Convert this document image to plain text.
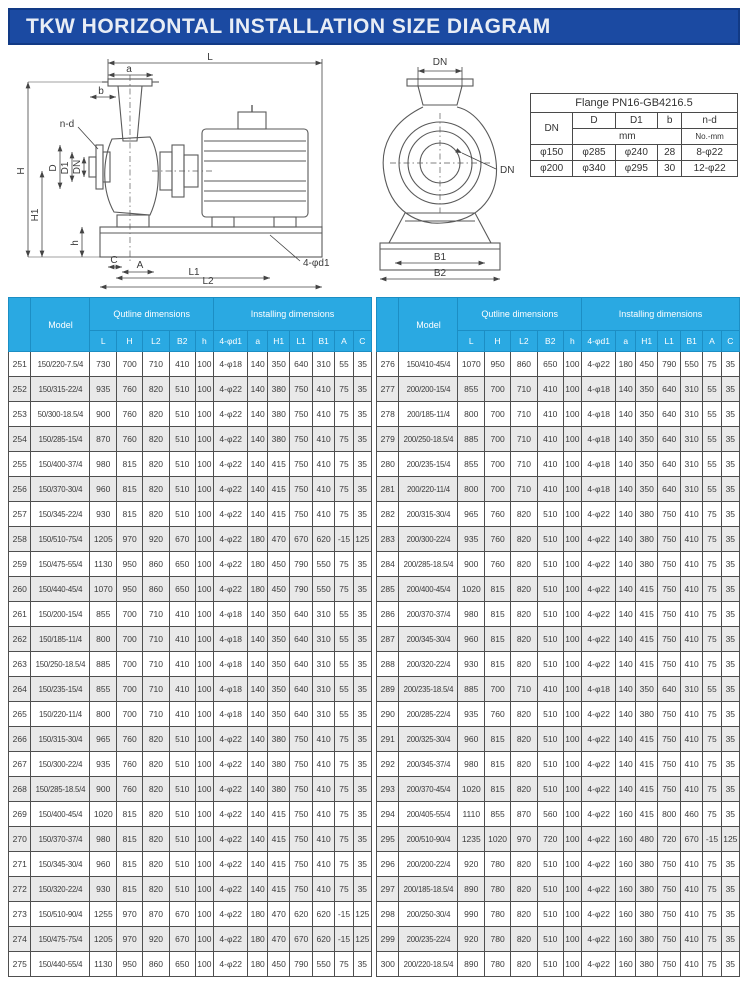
TKW HORIZONTAL INSTALLATION SIZE DIAGRAM
L
a
b
n-d
H D D1 DN
H1
h
C A
L1
L2
4-φd1
DN
DN
B1
B2
Flange PN16-GB4216.5				
DN	D	D1	b	n-d
	mm			No.-mm
φ150	φ285	φ240	28	8-φ22
φ200	φ340	φ295	30	12-φ22
	Model	Qutline dimensions					Installing dimensions						
		L	H	L2	B2	h	4-φd1	a	H1	L1	B1	A	C
251	150/220-7.5/4	730	700	710	410	100	4-φ18	140	350	640	310	55	35
252	150/315-22/4	935	760	820	510	100	4-φ22	140	380	750	410	75	35
253	50/300-18.5/4	900	760	820	510	100	4-φ22	140	380	750	410	75	35
254	150/285-15/4	870	760	820	510	100	4-φ22	140	380	750	410	75	35
255	150/400-37/4	980	815	820	510	100	4-φ22	140	415	750	410	75	35
256	150/370-30/4	960	815	820	510	100	4-φ22	140	415	750	410	75	35
257	150/345-22/4	930	815	820	510	100	4-φ22	140	415	750	410	75	35
258	150/510-75/4	1205	970	920	670	100	4-φ22	180	470	670	620	-15	125
259	150/475-55/4	1130	950	860	650	100	4-φ22	180	450	790	550	75	35
260	150/440-45/4	1070	950	860	650	100	4-φ22	180	450	790	550	75	35
261	150/200-15/4	855	700	710	410	100	4-φ18	140	350	640	310	55	35
262	150/185-11/4	800	700	710	410	100	4-φ18	140	350	640	310	55	35
263	150/250-18.5/4	885	700	710	410	100	4-φ18	140	350	640	310	55	35
264	150/235-15/4	855	700	710	410	100	4-φ18	140	350	640	310	55	35
265	150/220-11/4	800	700	710	410	100	4-φ18	140	350	640	310	55	35
266	150/315-30/4	965	760	820	510	100	4-φ22	140	380	750	410	75	35
267	150/300-22/4	935	760	820	510	100	4-φ22	140	380	750	410	75	35
268	150/285-18.5/4	900	760	820	510	100	4-φ22	140	380	750	410	75	35
269	150/400-45/4	1020	815	820	510	100	4-φ22	140	415	750	410	75	35
270	150/370-37/4	980	815	820	510	100	4-φ22	140	415	750	410	75	35
271	150/345-30/4	960	815	820	510	100	4-φ22	140	415	750	410	75	35
272	150/320-22/4	930	815	820	510	100	4-φ22	140	415	750	410	75	35
273	150/510-90/4	1255	970	870	670	100	4-φ22	180	470	620	620	-15	125
274	150/475-75/4	1205	970	920	670	100	4-φ22	180	470	670	620	-15	125
275	150/440-55/4	1130	950	860	650	100	4-φ22	180	450	790	550	75	35
	Model	Qutline dimensions					Installing dimensions						
		L	H	L2	B2	h	4-φd1	a	H1	L1	B1	A	C
276	150/410-45/4	1070	950	860	650	100	4-φ22	180	450	790	550	75	35
277	200/200-15/4	855	700	710	410	100	4-φ18	140	350	640	310	55	35
278	200/185-11/4	800	700	710	410	100	4-φ18	140	350	640	310	55	35
279	200/250-18.5/4	885	700	710	410	100	4-φ18	140	350	640	310	55	35
280	200/235-15/4	855	700	710	410	100	4-φ18	140	350	640	310	55	35
281	200/220-11/4	800	700	710	410	100	4-φ18	140	350	640	310	55	35
282	200/315-30/4	965	760	820	510	100	4-φ22	140	380	750	410	75	35
283	200/300-22/4	935	760	820	510	100	4-φ22	140	380	750	410	75	35
284	200/285-18.5/4	900	760	820	510	100	4-φ22	140	380	750	410	75	35
285	200/400-45/4	1020	815	820	510	100	4-φ22	140	415	750	410	75	35
286	200/370-37/4	980	815	820	510	100	4-φ22	140	415	750	410	75	35
287	200/345-30/4	960	815	820	510	100	4-φ22	140	415	750	410	75	35
288	200/320-22/4	930	815	820	510	100	4-φ22	140	415	750	410	75	35
289	200/235-18.5/4	885	700	710	410	100	4-φ18	140	350	640	310	55	35
290	200/285-22/4	935	760	820	510	100	4-φ22	140	380	750	410	75	35
291	200/325-30/4	960	815	820	510	100	4-φ22	140	415	750	410	75	35
292	200/345-37/4	980	815	820	510	100	4-φ22	140	415	750	410	75	35
293	200/370-45/4	1020	815	820	510	100	4-φ22	140	415	750	410	75	35
294	200/405-55/4	1110	855	870	560	100	4-φ22	160	415	800	460	75	35
295	200/510-90/4	1235	1020	970	720	100	4-φ22	160	480	720	670	-15	125
296	200/200-22/4	920	780	820	510	100	4-φ22	160	380	750	410	75	35
297	200/185-18.5/4	890	780	820	510	100	4-φ22	160	380	750	410	75	35
298	200/250-30/4	990	780	820	510	100	4-φ22	160	380	750	410	75	35
299	200/235-22/4	920	780	820	510	100	4-φ22	160	380	750	410	75	35
300	200/220-18.5/4	890	780	820	510	100	4-φ22	160	380	750	410	75	35
